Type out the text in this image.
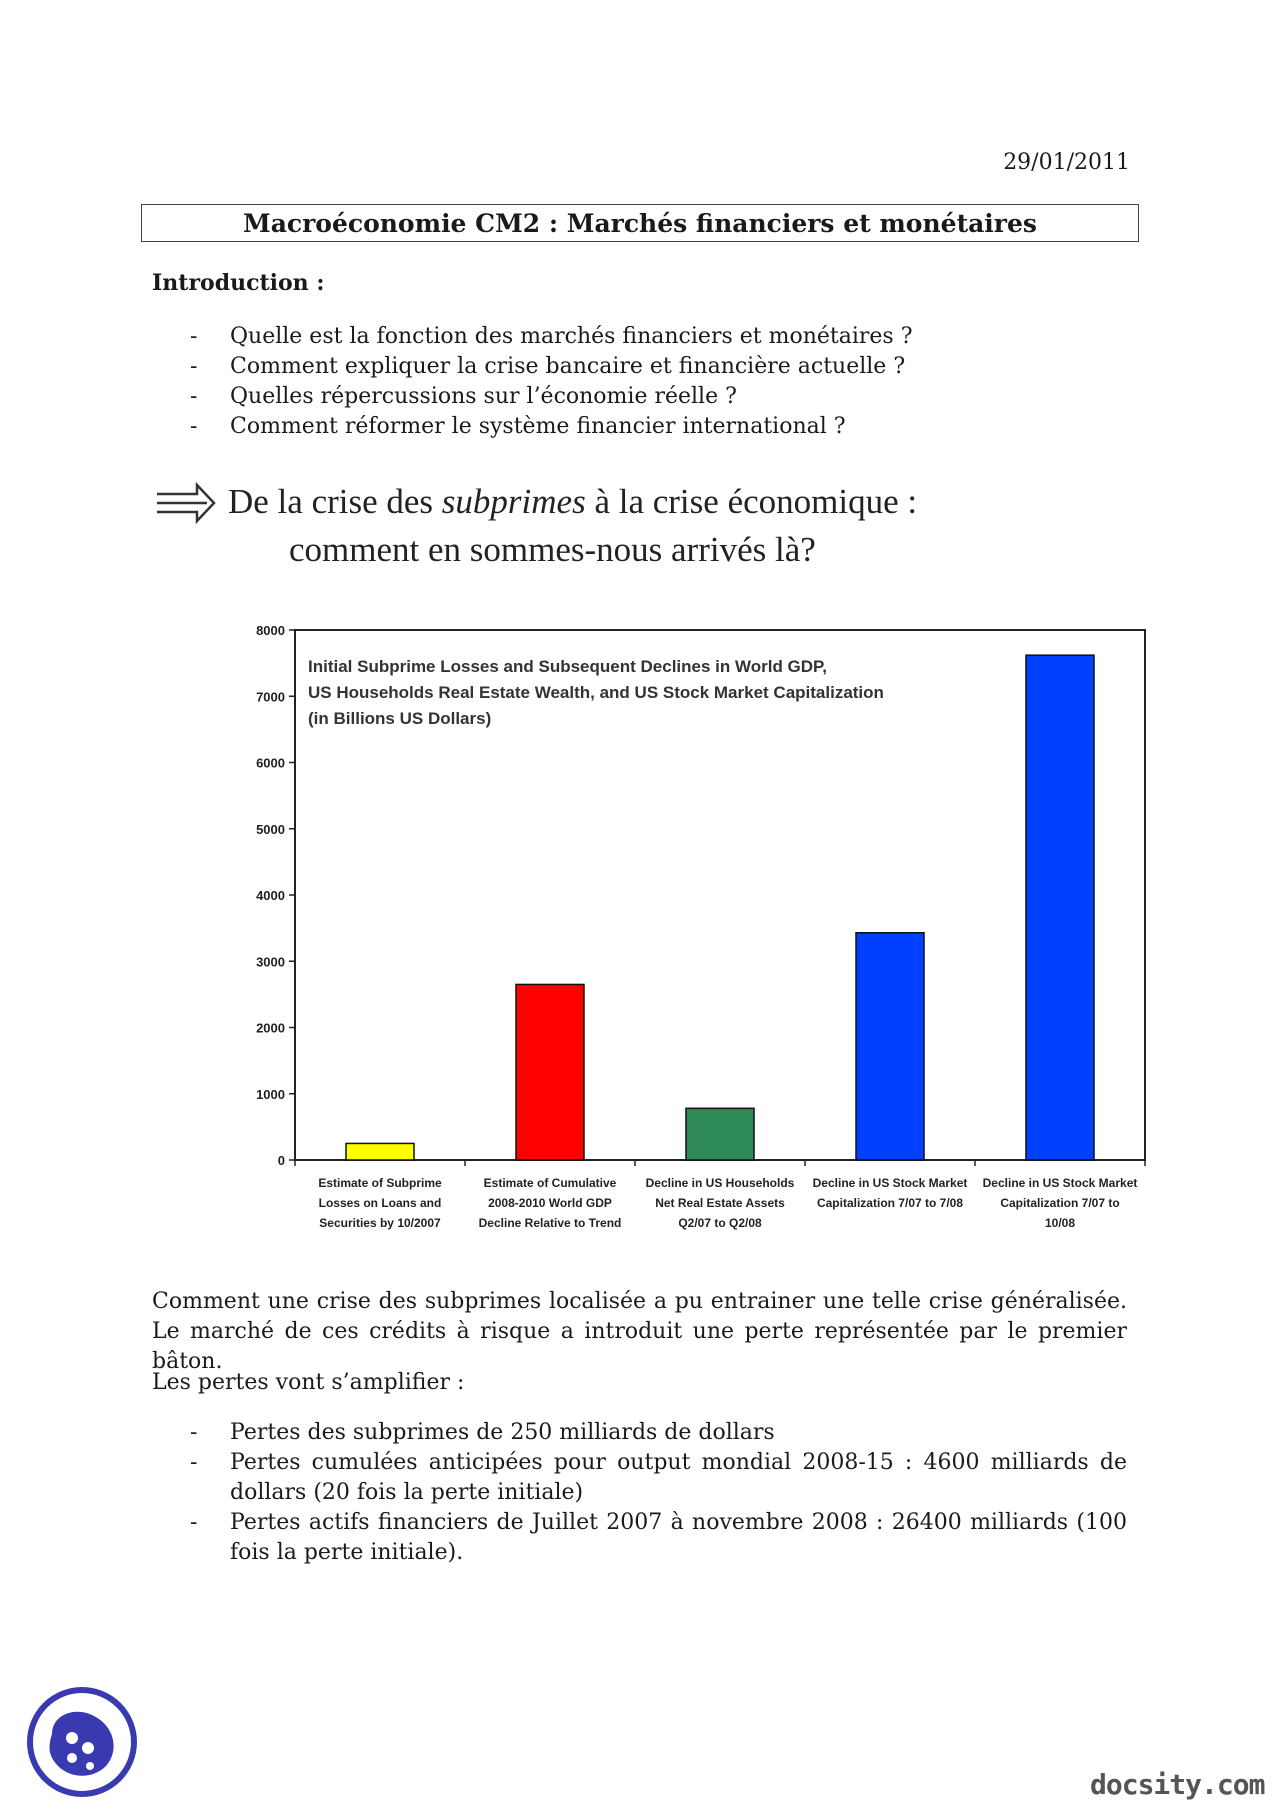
29/01/2011
Macroéconomie CM2 : Marchés financiers et monétaires
Introduction :
- Quelle est la fonction des marchés financiers et monétaires ?
- Comment expliquer la crise bancaire et financière actuelle ?
- Quelles répercussions sur l’économie réelle ?
- Comment réformer le système financier international ?
De la crise des subprimes à la crise économique :
comment en sommes-nous arrivés là?
Initial Subprime Losses and Subsequent Declines in World GDP,
US Households Real Estate Wealth, and US Stock Market Capitalization
(in Billions US Dollars)
0
1000
2000
3000
4000
5000
6000
7000
8000
Estimate of Subprime
Losses on Loans and
Securities by 10/2007
Estimate of Cumulative
2008-2010 World GDP
Decline Relative to Trend
Decline in US Households
Net Real Estate Assets
Q2/07 to Q2/08
Decline in US Stock Market
Capitalization 7/07 to 7/08
Decline in US Stock Market
Capitalization 7/07 to
10/08

Comment une crise des subprimes localisée a pu entrainer une telle crise généralisée. Le marché de ces crédits à risque a introduit une perte représentée par le premier bâton.

Les pertes vont s’amplifier :

- Pertes des subprimes de 250 milliards de dollars
- Pertes cumulées anticipées pour output mondial 2008-15 : 4600 milliards de dollars (20 fois la perte initiale)
- Pertes actifs financiers de Juillet 2007 à novembre 2008 : 26400 milliards (100 fois la perte initiale).
docsity.com
